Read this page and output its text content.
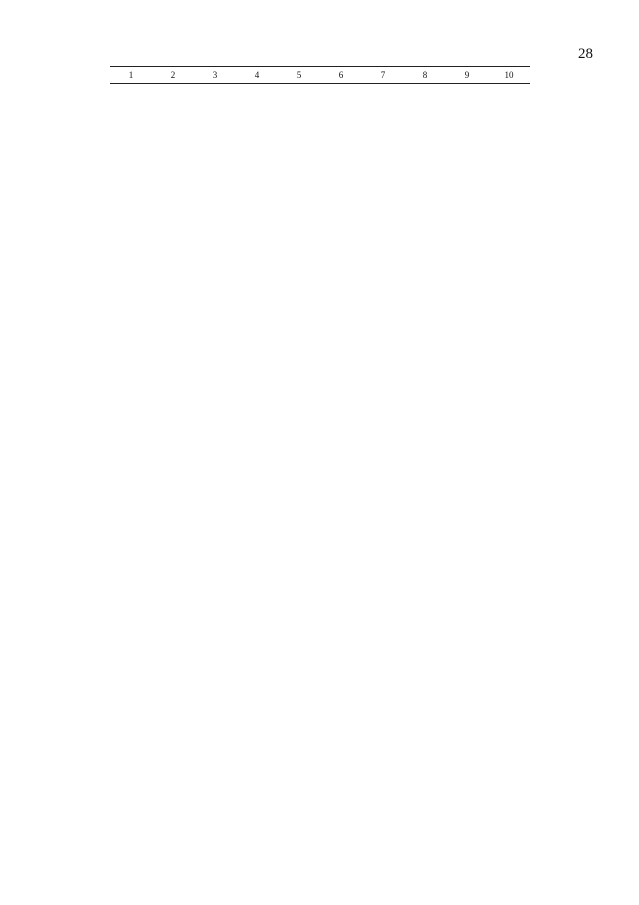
28
1	2	3	4	5	6	7	8	9	10
